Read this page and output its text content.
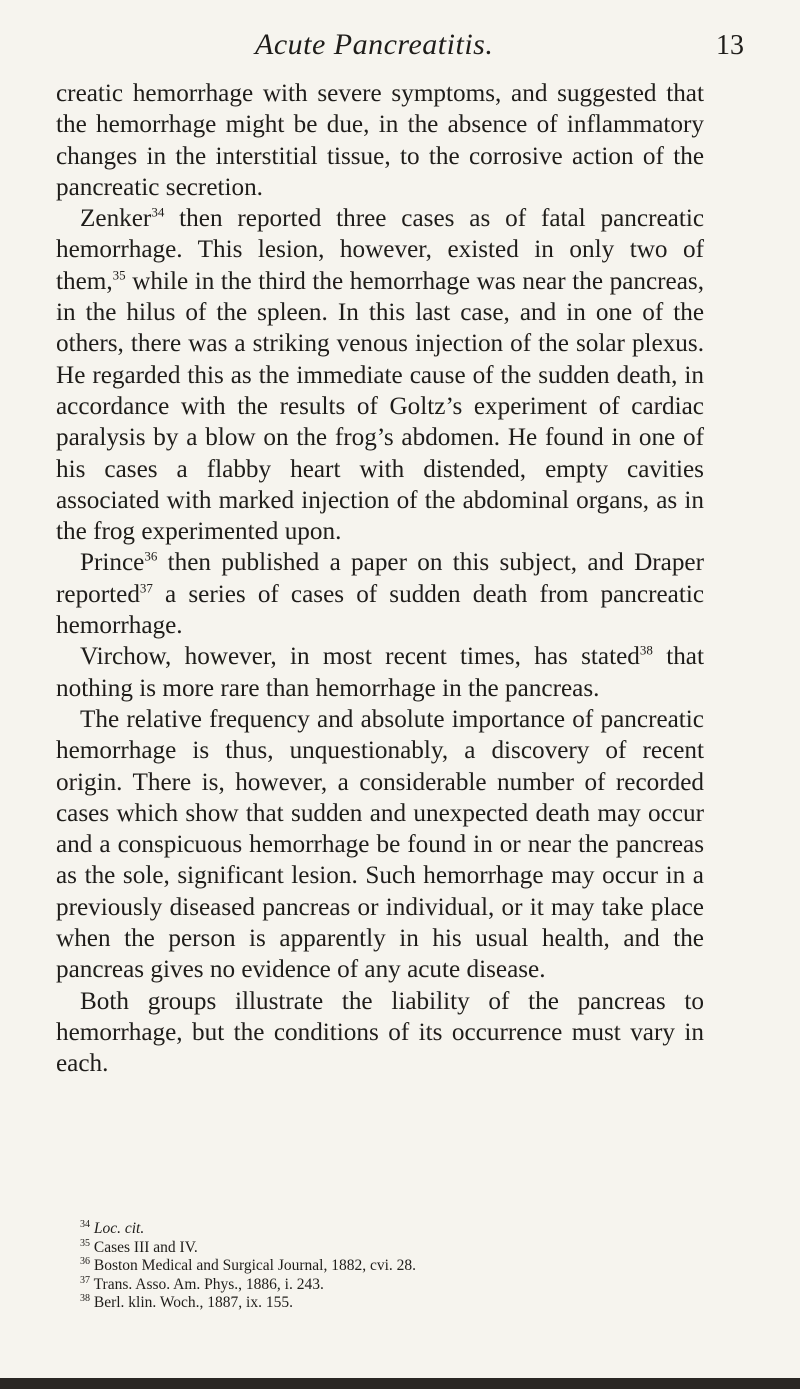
Acute Pancreatitis.	13

creatic hemorrhage with severe symptoms, and suggested that the hemorrhage might be due, in the absence of inflammatory changes in the interstitial tissue, to the corrosive action of the pancreatic secretion.

Zenker$^{34}$ then reported three cases as of fatal pancreatic hemorrhage. This lesion, however, existed in only two of them,$^{35}$ while in the third the hemorrhage was near the pancreas, in the hilus of the spleen. In this last case, and in one of the others, there was a striking venous injection of the solar plexus. He regarded this as the immediate cause of the sudden death, in accordance with the results of Goltz’s experiment of cardiac paralysis by a blow on the frog’s abdomen. He found in one of his cases a flabby heart with distended, empty cavities associated with marked injection of the abdominal organs, as in the frog experimented upon.

Prince$^{36}$ then published a paper on this subject, and Draper reported$^{37}$ a series of cases of sudden death from pancreatic hemorrhage.

Virchow, however, in most recent times, has stated$^{38}$ that nothing is more rare than hemorrhage in the pancreas.

The relative frequency and absolute importance of pancreatic hemorrhage is thus, unquestionably, a discovery of recent origin. There is, however, a considerable number of recorded cases which show that sudden and unexpected death may occur and a conspicuous hemorrhage be found in or near the pancreas as the sole, significant lesion. Such hemorrhage may occur in a previously diseased pancreas or individual, or it may take place when the person is apparently in his usual health, and the pancreas gives no evidence of any acute disease.

Both groups illustrate the liability of the pancreas to hemorrhage, but the conditions of its occurrence must vary in each.

$^{34}$ Loc. cit.

$^{35}$ Cases III and IV.

$^{36}$ Boston Medical and Surgical Journal, 1882, cvi. 28.

$^{37}$ Trans. Asso. Am. Phys., 1886, i. 243.

$^{38}$ Berl. klin. Woch., 1887, ix. 155.
